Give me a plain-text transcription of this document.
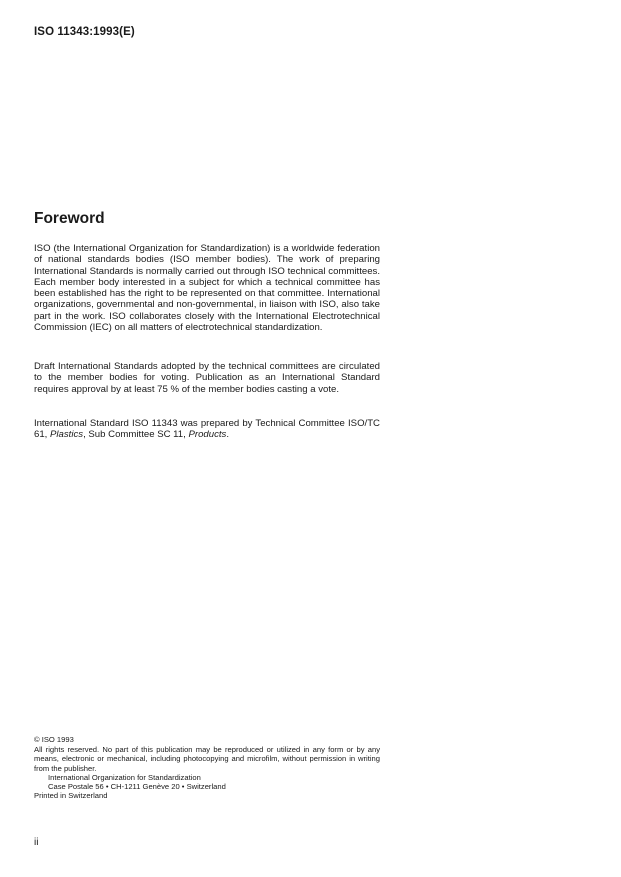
ISO 11343:1993(E)
Foreword

ISO (the International Organization for Standardization) is a worldwide federation of national standards bodies (ISO member bodies). The work of preparing International Standards is normally carried out through ISO technical committees. Each member body interested in a subject for which a technical committee has been established has the right to be represented on that committee. International organizations, governmental and non-governmental, in liaison with ISO, also take part in the work. ISO collaborates closely with the International Electrotechnical Commission (IEC) on all matters of electrotechnical standardization.

Draft International Standards adopted by the technical committees are circulated to the member bodies for voting. Publication as an International Standard requires approval by at least 75 % of the member bodies casting a vote.

International Standard ISO 11343 was prepared by Technical Committee ISO/TC 61, Plastics, Sub Committee SC 11, Products.

© ISO 1993

All rights reserved. No part of this publication may be reproduced or utilized in any form or by any means, electronic or mechanical, including photocopying and microfilm, without permission in writing from the publisher.

International Organization for Standardization

Case Postale 56 • CH-1211 Genève 20 • Switzerland

Printed in Switzerland

ii
